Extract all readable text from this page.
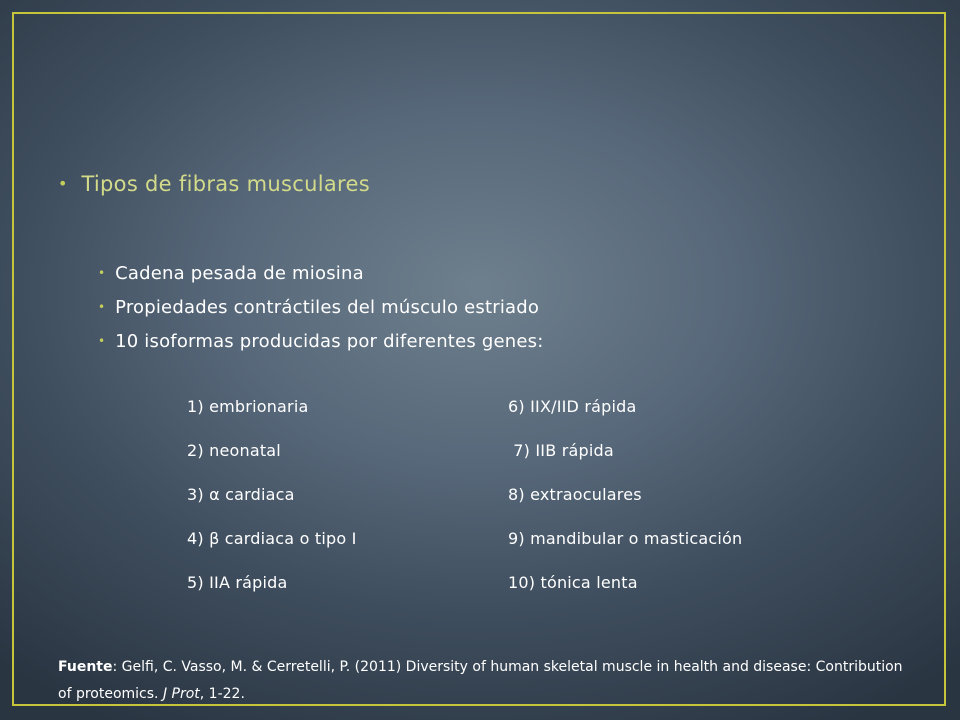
• Tipos de fibras musculares
• Cadena pesada de miosina
• Propiedades contráctiles del músculo estriado
• 10 isoformas producidas por diferentes genes:
1) embrionaria
2) neonatal
3) α cardiaca
4) β cardiaca o tipo I
5) IIA rápida
6) IIX/IID rápida
7) IIB rápida
8) extraoculares
9) mandibular o masticación
10) tónica lenta
Fuente: Gelfi, C. Vasso, M. & Cerretelli, P. (2011) Diversity of human skeletal muscle in health and disease: Contribution of proteomics. J Prot, 1-22.
